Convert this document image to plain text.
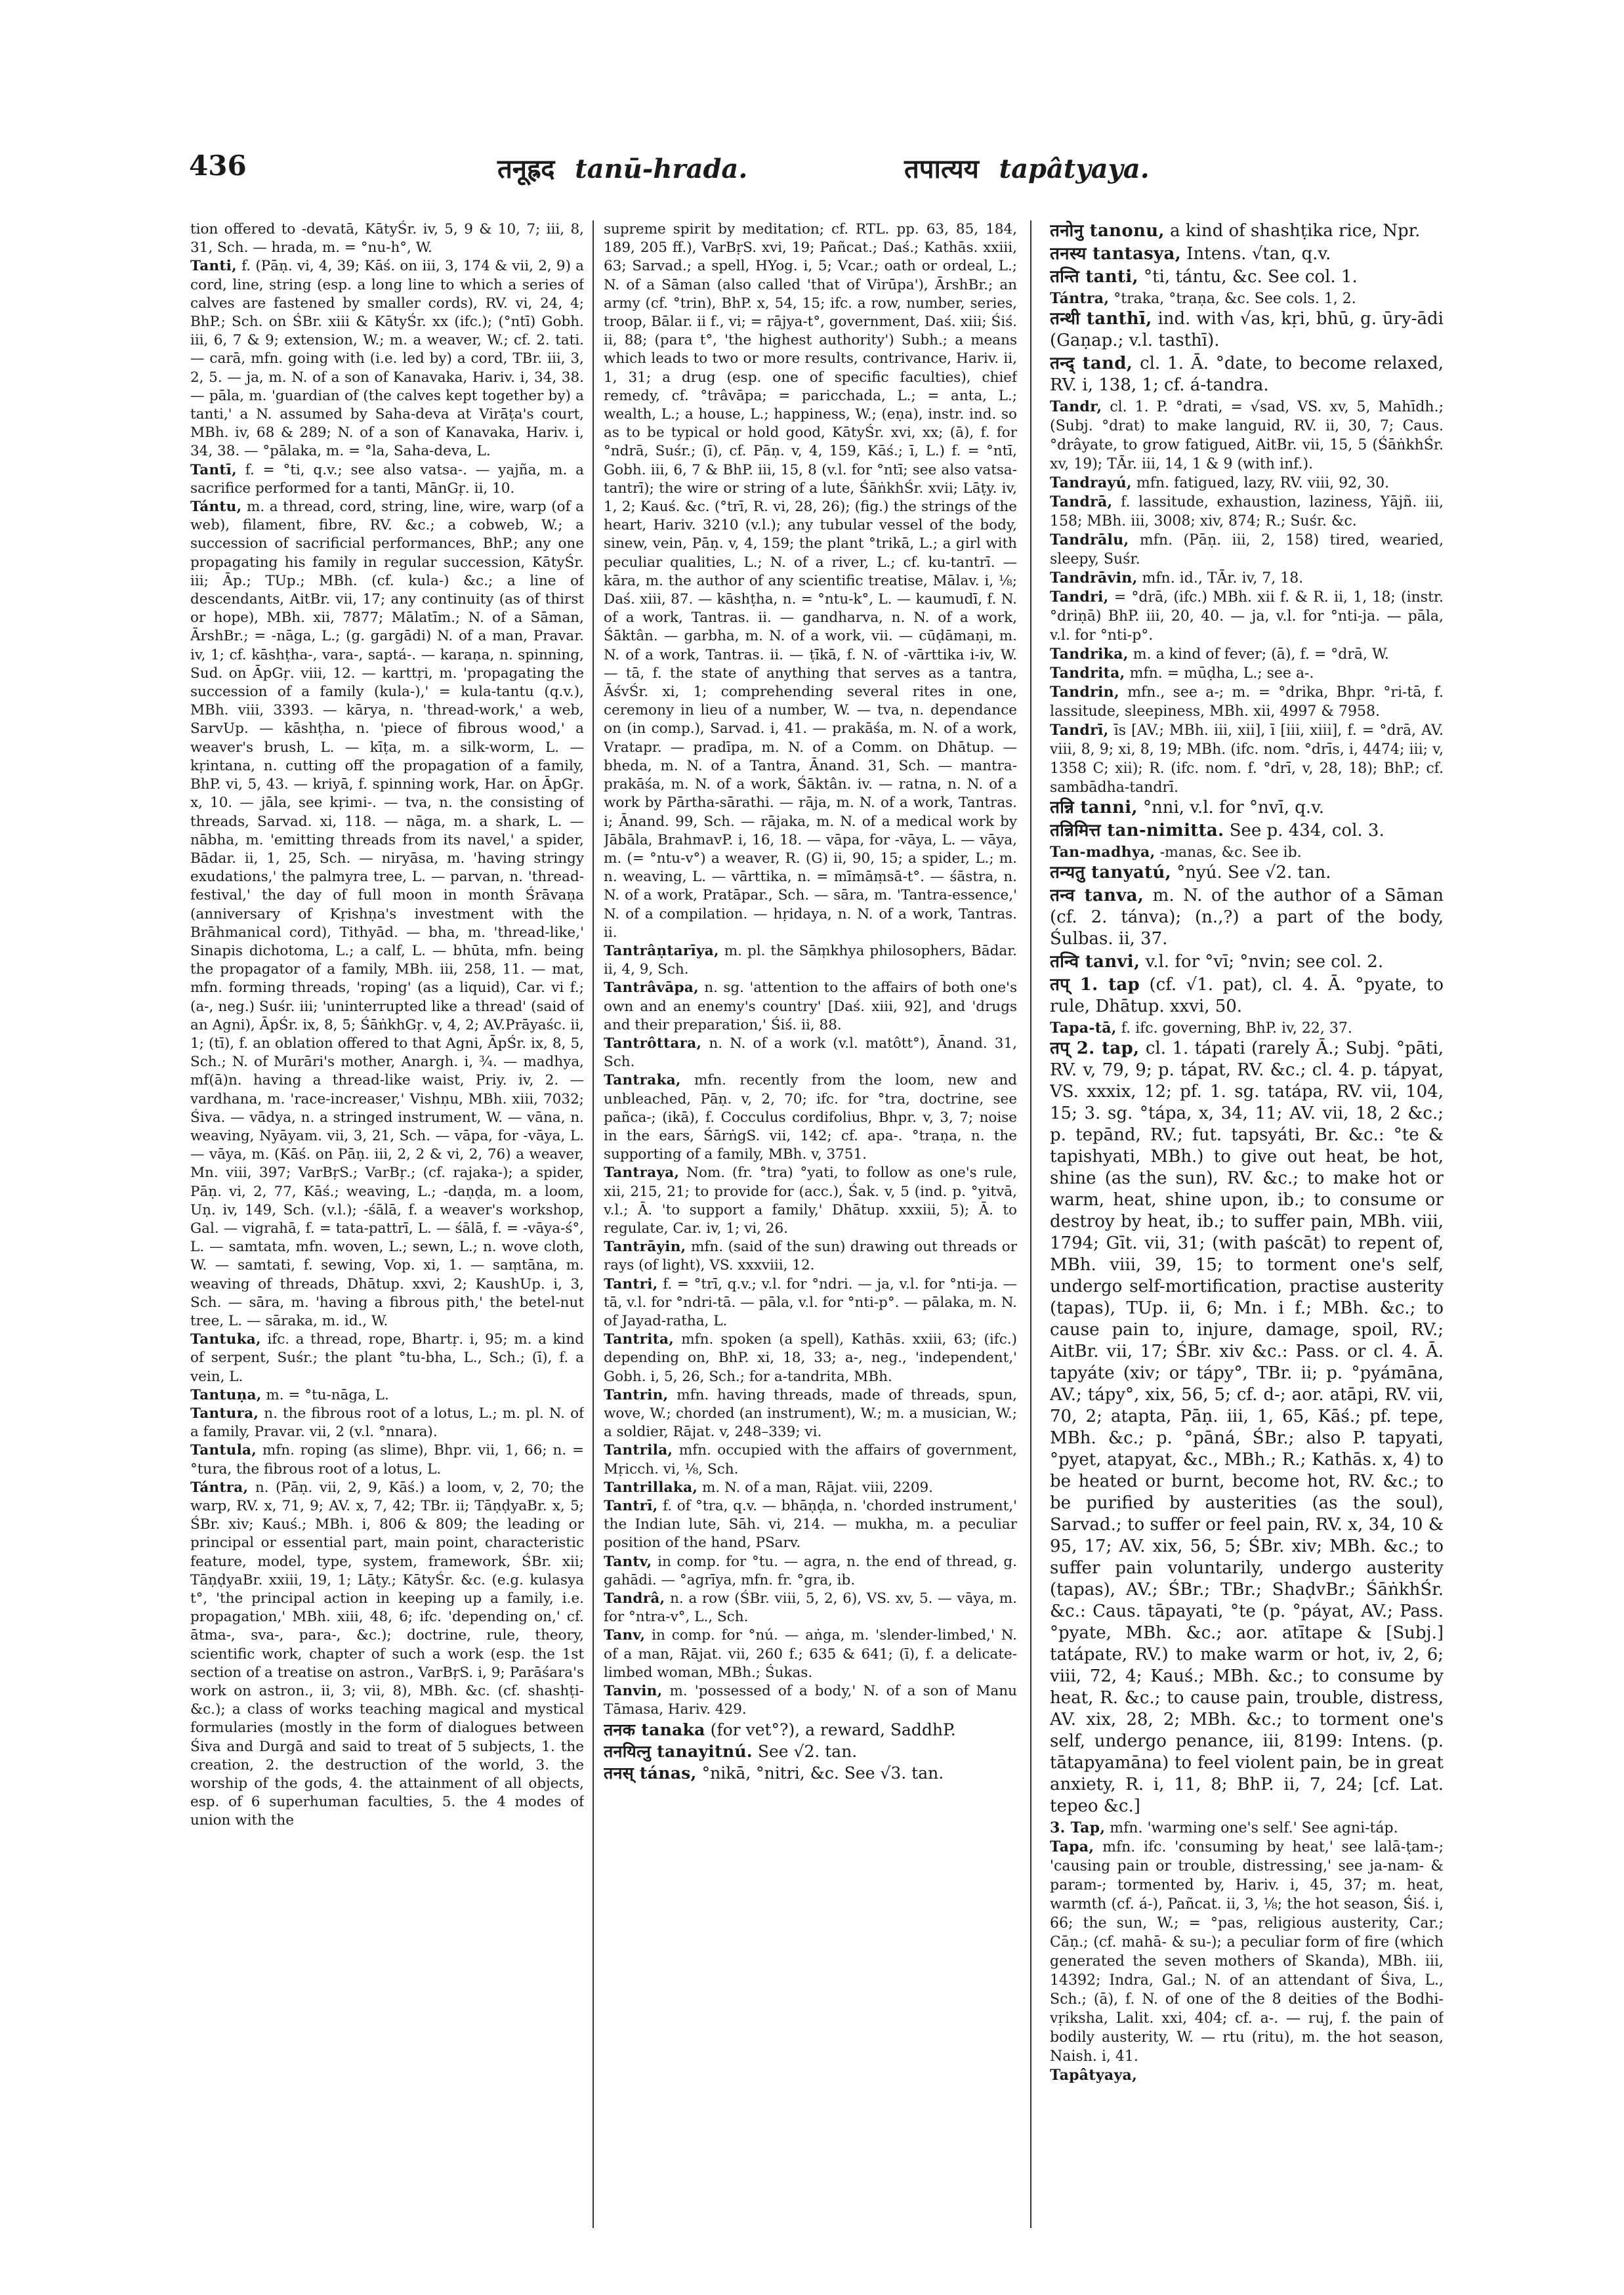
436	तनूह्रद tanū-hrada.	तपात्यय tapâtyaya.

tion offered to -devatā, KātyŚr. iv, 5, 9 & 10, 7; iii, 8, 31, Sch. — hrada, m. = °nu-h°, W.

Tanti, f. (Pāṇ. vi, 4, 39; Kāś. on iii, 3, 174 & vii, 2, 9) a cord, line, string (esp. a long line to which a series of calves are fastened by smaller cords), RV. vi, 24, 4; BhP.; Sch. on ŚBr. xiii & KātyŚr. xx (ifc.); (°ntī) Gobh. iii, 6, 7 & 9; extension, W.; m. a weaver, W.; cf. 2. tati. — carā, mfn. going with (i.e. led by) a cord, TBr. iii, 3, 2, 5. — ja, m. N. of a son of Kanavaka, Hariv. i, 34, 38. — pāla, m. 'guardian of (the calves kept together by) a tanti,' a N. assumed by Saha-deva at Virāṭa's court, MBh. iv, 68 & 289; N. of a son of Kanavaka, Hariv. i, 34, 38. — °pālaka, m. = °la, Saha-deva, L.

Tantī, f. = °ti, q.v.; see also vatsa-. — yajña, m. a sacrifice performed for a tanti, MānGṛ. ii, 10.

Tántu, m. a thread, cord, string, line, wire, warp (of a web), filament, fibre, RV. &c.; a cobweb, W.; a succession of sacrificial performances, BhP.; any one propagating his family in regular succession, KātyŚr. iii; Āp.; TUp.; MBh. (cf. kula-) &c.; a line of descendants, AitBr. vii, 17; any continuity (as of thirst or hope), MBh. xii, 7877; Mālatīm.; N. of a Sāman, ĀrshBr.; = -nāga, L.; (g. gargādi) N. of a man, Pravar. iv, 1; cf. kāshṭha-, vara-, saptá-. — karaṇa, n. spinning, Sud. on ĀpGṛ. viii, 12. — karttṛi, m. 'propagating the succession of a family (kula-),' = kula-tantu (q.v.), MBh. viii, 3393. — kārya, n. 'thread-work,' a web, SarvUp. — kāshṭha, n. 'piece of fibrous wood,' a weaver's brush, L. — kīṭa, m. a silk-worm, L. — kṛintana, n. cutting off the propagation of a family, BhP. vi, 5, 43. — kriyā, f. spinning work, Har. on ĀpGṛ. x, 10. — jāla, see kṛimi-. — tva, n. the consisting of threads, Sarvad. xi, 118. — nāga, m. a shark, L. — nābha, m. 'emitting threads from its navel,' a spider, Bādar. ii, 1, 25, Sch. — niryāsa, m. 'having stringy exudations,' the palmyra tree, L. — parvan, n. 'thread-festival,' the day of full moon in month Śrāvaṇa (anniversary of Kṛishṇa's investment with the Brāhmanical cord), Tithyād. — bha, m. 'thread-like,' Sinapis dichotoma, L.; a calf, L. — bhūta, mfn. being the propagator of a family, MBh. iii, 258, 11. — mat, mfn. forming threads, 'roping' (as a liquid), Car. vi f.; (a-, neg.) Suśr. iii; 'uninterrupted like a thread' (said of an Agni), ĀpŚr. ix, 8, 5; ŚāṅkhGṛ. v, 4, 2; AV.Prāyaśc. ii, 1; (tī), f. an oblation offered to that Agni, ĀpŚr. ix, 8, 5, Sch.; N. of Murāri's mother, Anargh. i, ¾. — madhya, mf(ā)n. having a thread-like waist, Priy. iv, 2. — vardhana, m. 'race-increaser,' Vishṇu, MBh. xiii, 7032; Śiva. — vādya, n. a stringed instrument, W. — vāna, n. weaving, Nyāyam. vii, 3, 21, Sch. — vāpa, for -vāya, L. — vāya, m. (Kāś. on Pāṇ. iii, 2, 2 & vi, 2, 76) a weaver, Mn. viii, 397; VarBṛS.; VarBṛ.; (cf. rajaka-); a spider, Pāṇ. vi, 2, 77, Kāś.; weaving, L.; -daṇḍa, m. a loom, Uṇ. iv, 149, Sch. (v.l.); -śālā, f. a weaver's workshop, Gal. — vigrahā, f. = tata-pattrī, L. — śālā, f. = -vāya-ś°, L. — samtata, mfn. woven, L.; sewn, L.; n. wove cloth, W. — samtati, f. sewing, Vop. xi, 1. — saṃtāna, m. weaving of threads, Dhātup. xxvi, 2; KaushUp. i, 3, Sch. — sāra, m. 'having a fibrous pith,' the betel-nut tree, L. — sāraka, m. id., W.

Tantuka, ifc. a thread, rope, Bhartṛ. i, 95; m. a kind of serpent, Suśr.; the plant °tu-bha, L., Sch.; (ī), f. a vein, L.

Tantuṇa, m. = °tu-nāga, L.

Tantura, n. the fibrous root of a lotus, L.; m. pl. N. of a family, Pravar. vii, 2 (v.l. °nnara).

Tantula, mfn. roping (as slime), Bhpr. vii, 1, 66; n. = °tura, the fibrous root of a lotus, L.

Tántra, n. (Pāṇ. vii, 2, 9, Kāś.) a loom, v, 2, 70; the warp, RV. x, 71, 9; AV. x, 7, 42; TBr. ii; TāṇḍyaBr. x, 5; ŚBr. xiv; Kauś.; MBh. i, 806 & 809; the leading or principal or essential part, main point, characteristic feature, model, type, system, framework, ŚBr. xii; TāṇḍyaBr. xxiii, 19, 1; Lāṭy.; KātyŚr. &c. (e.g. kulasya t°, 'the principal action in keeping up a family, i.e. propagation,' MBh. xiii, 48, 6; ifc. 'depending on,' cf. ātma-, sva-, para-, &c.); doctrine, rule, theory, scientific work, chapter of such a work (esp. the 1st section of a treatise on astron., VarBṛS. i, 9; Parāśara's work on astron., ii, 3; vii, 8), MBh. &c. (cf. shashṭi- &c.); a class of works teaching magical and mystical formularies (mostly in the form of dialogues between Śiva and Durgā and said to treat of 5 subjects, 1. the creation, 2. the destruction of the world, 3. the worship of the gods, 4. the attainment of all objects, esp. of 6 superhuman faculties, 5. the 4 modes of union with the

supreme spirit by meditation; cf. RTL. pp. 63, 85, 184, 189, 205 ff.), VarBṛS. xvi, 19; Pañcat.; Daś.; Kathās. xxiii, 63; Sarvad.; a spell, HYog. i, 5; Vcar.; oath or ordeal, L.; N. of a Sāman (also called 'that of Virūpa'), ĀrshBr.; an army (cf. °trin), BhP. x, 54, 15; ifc. a row, number, series, troop, Bālar. ii f., vi; = rājya-t°, government, Daś. xiii; Śiś. ii, 88; (para t°, 'the highest authority') Subh.; a means which leads to two or more results, contrivance, Hariv. ii, 1, 31; a drug (esp. one of specific faculties), chief remedy, cf. °trâvāpa; = paricchada, L.; = anta, L.; wealth, L.; a house, L.; happiness, W.; (eṇa), instr. ind. so as to be typical or hold good, KātyŚr. xvi, xx; (ā), f. for °ndrā, Suśr.; (ī), cf. Pāṇ. v, 4, 159, Kāś.; ī, L.) f. = °ntī, Gobh. iii, 6, 7 & BhP. iii, 15, 8 (v.l. for °ntī; see also vatsa-tantrī); the wire or string of a lute, ŚāṅkhŚr. xvii; Lāṭy. iv, 1, 2; Kauś. &c. (°trī, R. vi, 28, 26); (fig.) the strings of the heart, Hariv. 3210 (v.l.); any tubular vessel of the body, sinew, vein, Pāṇ. v, 4, 159; the plant °trikā, L.; a girl with peculiar qualities, L.; N. of a river, L.; cf. ku-tantrī. — kāra, m. the author of any scientific treatise, Mālav. i, ⅛; Daś. xiii, 87. — kāshṭha, n. = °ntu-k°, L. — kaumudī, f. N. of a work, Tantras. ii. — gandharva, n. N. of a work, Śāktân. — garbha, m. N. of a work, vii. — cūḍāmaṇi, m. N. of a work, Tantras. ii. — ṭīkā, f. N. of -vārttika i-iv, W. — tā, f. the state of anything that serves as a tantra, ĀśvŚr. xi, 1; comprehending several rites in one, ceremony in lieu of a number, W. — tva, n. dependance on (in comp.), Sarvad. i, 41. — prakāśa, m. N. of a work, Vratapr. — pradīpa, m. N. of a Comm. on Dhātup. — bheda, m. N. of a Tantra, Ānand. 31, Sch. — mantra-prakāśa, m. N. of a work, Śāktân. iv. — ratna, n. N. of a work by Pārtha-sārathi. — rāja, m. N. of a work, Tantras. i; Ānand. 99, Sch. — rājaka, m. N. of a medical work by Jābāla, BrahmavP. i, 16, 18. — vāpa, for -vāya, L. — vāya, m. (= °ntu-v°) a weaver, R. (G) ii, 90, 15; a spider, L.; m. n. weaving, L. — vārttika, n. = mīmāṃsā-t°. — śāstra, n. N. of a work, Pratāpar., Sch. — sāra, m. 'Tantra-essence,' N. of a compilation. — hṛidaya, n. N. of a work, Tantras. ii.

Tantrâṇtarīya, m. pl. the Sāṃkhya philosophers, Bādar. ii, 4, 9, Sch.

Tantrâvāpa, n. sg. 'attention to the affairs of both one's own and an enemy's country' [Daś. xiii, 92], and 'drugs and their preparation,' Śiś. ii, 88.

Tantrôttara, n. N. of a work (v.l. matôtt°), Ānand. 31, Sch.

Tantraka, mfn. recently from the loom, new and unbleached, Pāṇ. v, 2, 70; ifc. for °tra, doctrine, see pañca-; (ikā), f. Cocculus cordifolius, Bhpr. v, 3, 7; noise in the ears, ŚārṅgS. vii, 142; cf. apa-. °traṇa, n. the supporting of a family, MBh. v, 3751.

Tantraya, Nom. (fr. °tra) °yati, to follow as one's rule, xii, 215, 21; to provide for (acc.), Śak. v, 5 (ind. p. °yitvā, v.l.; Ā. 'to support a family,' Dhātup. xxxiii, 5); Ā. to regulate, Car. iv, 1; vi, 26.

Tantrāyin, mfn. (said of the sun) drawing out threads or rays (of light), VS. xxxviii, 12.

Tantri, f. = °trī, q.v.; v.l. for °ndri. — ja, v.l. for °nti-ja. — tā, v.l. for °ndri-tā. — pāla, v.l. for °nti-p°. — pālaka, m. N. of Jayad-ratha, L.

Tantrita, mfn. spoken (a spell), Kathās. xxiii, 63; (ifc.) depending on, BhP. xi, 18, 33; a-, neg., 'independent,' Gobh. i, 5, 26, Sch.; for a-tandrita, MBh.

Tantrin, mfn. having threads, made of threads, spun, wove, W.; chorded (an instrument), W.; m. a musician, W.; a soldier, Rājat. v, 248–339; vi.

Tantrila, mfn. occupied with the affairs of government, Mṛicch. vi, ⅛, Sch.

Tantrillaka, m. N. of a man, Rājat. viii, 2209.

Tantrī, f. of °tra, q.v. — bhāṇḍa, n. 'chorded instrument,' the Indian lute, Sāh. vi, 214. — mukha, m. a peculiar position of the hand, PSarv.

Tantv, in comp. for °tu. — agra, n. the end of thread, g. gahādi. — °agrīya, mfn. fr. °gra, ib.

Tandrâ, n. a row (ŚBr. viii, 5, 2, 6), VS. xv, 5. — vāya, m. for °ntra-v°, L., Sch.

Tanv, in comp. for °nú. — aṅga, m. 'slender-limbed,' N. of a man, Rājat. vii, 260 f.; 635 & 641; (ī), f. a delicate-limbed woman, MBh.; Śukas.

Tanvin, m. 'possessed of a body,' N. of a son of Manu Tāmasa, Hariv. 429.

तनक tanaka (for vet°?), a reward, SaddhP.

तनयित्नु tanayitnú. See √2. tan.

तनस् tánas, °nikā, °nitri, &c. See √3. tan.

तनोनु tanonu, a kind of shashṭika rice, Npr.

तनस्य tantasya, Intens. √tan, q.v.

तन्ति tanti, °ti, tántu, &c. See col. 1.

Tántra, °traka, °traṇa, &c. See cols. 1, 2.

तन्थी tanthī, ind. with √as, kṛi, bhū, g. ūry-ādi (Gaṇap.; v.l. tasthī).

तन्द् tand, cl. 1. Ā. °date, to become relaxed, RV. i, 138, 1; cf. á-tandra.

Tandr, cl. 1. P. °drati, = √sad, VS. xv, 5, Mahīdh.; (Subj. °drat) to make languid, RV. ii, 30, 7; Caus. °drâyate, to grow fatigued, AitBr. vii, 15, 5 (ŚāṅkhŚr. xv, 19); TĀr. iii, 14, 1 & 9 (with inf.).

Tandrayú, mfn. fatigued, lazy, RV. viii, 92, 30.

Tandrā, f. lassitude, exhaustion, laziness, Yājñ. iii, 158; MBh. iii, 3008; xiv, 874; R.; Suśr. &c.

Tandrālu, mfn. (Pāṇ. iii, 2, 158) tired, wearied, sleepy, Suśr.

Tandrāvin, mfn. id., TĀr. iv, 7, 18.

Tandri, = °drā, (ifc.) MBh. xii f. & R. ii, 1, 18; (instr. °driṇā) BhP. iii, 20, 40. — ja, v.l. for °nti-ja. — pāla, v.l. for °nti-p°.

Tandrika, m. a kind of fever; (ā), f. = °drā, W.

Tandrita, mfn. = mūḍha, L.; see a-.

Tandrin, mfn., see a-; m. = °drika, Bhpr. °ri-tā, f. lassitude, sleepiness, MBh. xii, 4997 & 7958.

Tandrī, īs [AV.; MBh. iii, xii], ī [iii, xiii], f. = °drā, AV. viii, 8, 9; xi, 8, 19; MBh. (ifc. nom. °drīs, i, 4474; iii; v, 1358 C; xii); R. (ifc. nom. f. °drī, v, 28, 18); BhP.; cf. sambādha-tandrī.

तन्नि tanni, °nni, v.l. for °nvī, q.v.

तन्निमित्त tan-nimitta. See p. 434, col. 3.

Tan-madhya, -manas, &c. See ib.

तन्यतु tanyatú, °nyú. See √2. tan.

तन्व tanva, m. N. of the author of a Sāman (cf. 2. tánva); (n.,?) a part of the body, Śulbas. ii, 37.

तन्वि tanvi, v.l. for °vī; °nvin; see col. 2.

तप् 1. tap (cf. √1. pat), cl. 4. Ā. °pyate, to rule, Dhātup. xxvi, 50.

Tapa-tā, f. ifc. governing, BhP. iv, 22, 37.

तप् 2. tap, cl. 1. tápati (rarely Ā.; Subj. °pāti, RV. v, 79, 9; p. tápat, RV. &c.; cl. 4. p. tápyat, VS. xxxix, 12; pf. 1. sg. tatápa, RV. vii, 104, 15; 3. sg. °tápa, x, 34, 11; AV. vii, 18, 2 &c.; p. tepānd, RV.; fut. tapsyáti, Br. &c.: °te & tapishyati, MBh.) to give out heat, be hot, shine (as the sun), RV. &c.; to make hot or warm, heat, shine upon, ib.; to consume or destroy by heat, ib.; to suffer pain, MBh. viii, 1794; Gīt. vii, 31; (with paścāt) to repent of, MBh. viii, 39, 15; to torment one's self, undergo self-mortification, practise austerity (tapas), TUp. ii, 6; Mn. i f.; MBh. &c.; to cause pain to, injure, damage, spoil, RV.; AitBr. vii, 17; ŚBr. xiv &c.: Pass. or cl. 4. Ā. tapyáte (xiv; or tápy°, TBr. ii; p. °pyámāna, AV.; tápy°, xix, 56, 5; cf. d-; aor. atāpi, RV. vii, 70, 2; atapta, Pāṇ. iii, 1, 65, Kāś.; pf. tepe, MBh. &c.; p. °pāná, ŚBr.; also P. tapyati, °pyet, atapyat, &c., MBh.; R.; Kathās. x, 4) to be heated or burnt, become hot, RV. &c.; to be purified by austerities (as the soul), Sarvad.; to suffer or feel pain, RV. x, 34, 10 & 95, 17; AV. xix, 56, 5; ŚBr. xiv; MBh. &c.; to suffer pain voluntarily, undergo austerity (tapas), AV.; ŚBr.; TBr.; ShaḍvBr.; ŚāṅkhŚr. &c.: Caus. tāpayati, °te (p. °páyat, AV.; Pass. °pyate, MBh. &c.; aor. atītape & [Subj.] tatápate, RV.) to make warm or hot, iv, 2, 6; viii, 72, 4; Kauś.; MBh. &c.; to consume by heat, R. &c.; to cause pain, trouble, distress, AV. xix, 28, 2; MBh. &c.; to torment one's self, undergo penance, iii, 8199: Intens. (p. tātapyamāna) to feel violent pain, be in great anxiety, R. i, 11, 8; BhP. ii, 7, 24; [cf. Lat. tepeo &c.]

3. Tap, mfn. 'warming one's self.' See agni-táp.

Tapa, mfn. ifc. 'consuming by heat,' see lalā-ṭam-; 'causing pain or trouble, distressing,' see ja-nam- & param-; tormented by, Hariv. i, 45, 37; m. heat, warmth (cf. á-), Pañcat. ii, 3, ⅛; the hot season, Śiś. i, 66; the sun, W.; = °pas, religious austerity, Car.; Cāṇ.; (cf. mahā- & su-); a peculiar form of fire (which generated the seven mothers of Skanda), MBh. iii, 14392; Indra, Gal.; N. of an attendant of Śiva, L., Sch.; (ā), f. N. of one of the 8 deities of the Bodhi-vṛiksha, Lalit. xxi, 404; cf. a-. — ruj, f. the pain of bodily austerity, W. — rtu (ritu), m. the hot season, Naish. i, 41.

Tapâtyaya,
